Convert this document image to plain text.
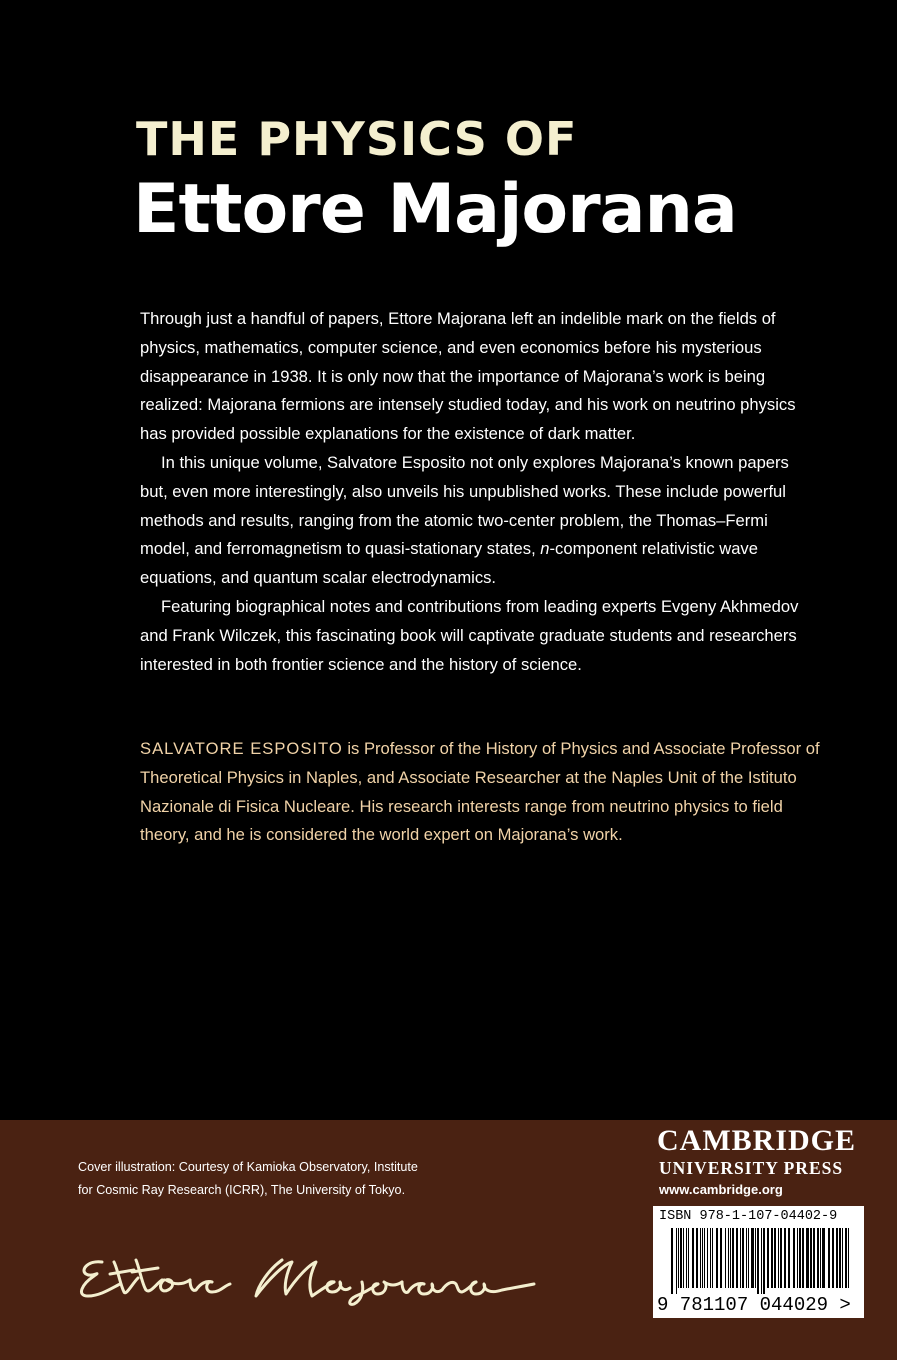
THE PHYSICS OF
Ettore Majorana

Through just a handful of papers, Ettore Majorana left an indelible mark on the fields of physics, mathematics, computer science, and even economics before his mysterious disappearance in 1938. It is only now that the importance of Majorana’s work is being realized: Majorana fermions are intensely studied today, and his work on neutrino physics has provided possible explanations for the existence of dark matter.

In this unique volume, Salvatore Esposito not only explores Majorana’s known papers but, even more interestingly, also unveils his unpublished works. These include powerful methods and results, ranging from the atomic two-center problem, the Thomas–Fermi model, and ferromagnetism to quasi-stationary states, n-component relativistic wave equations, and quantum scalar electrodynamics.

Featuring biographical notes and contributions from leading experts Evgeny Akhmedov and Frank Wilczek, this fascinating book will captivate graduate students and researchers interested in both frontier science and the history of science.

SALVATORE ESPOSITO is Professor of the History of Physics and Associate Professor of Theoretical Physics in Naples, and Associate Researcher at the Naples Unit of the Istituto Nazionale di Fisica Nucleare. His research interests range from neutrino physics to field theory, and he is considered the world expert on Majorana’s work.
Cover illustration: Courtesy of Kamioka Observatory, Institute
for Cosmic Ray Research (ICRR), The University of Tokyo.
CAMBRIDGE
UNIVERSITY PRESS
www.cambridge.org
ISBN 978-1-107-04402-9
9 781107 044029 >
